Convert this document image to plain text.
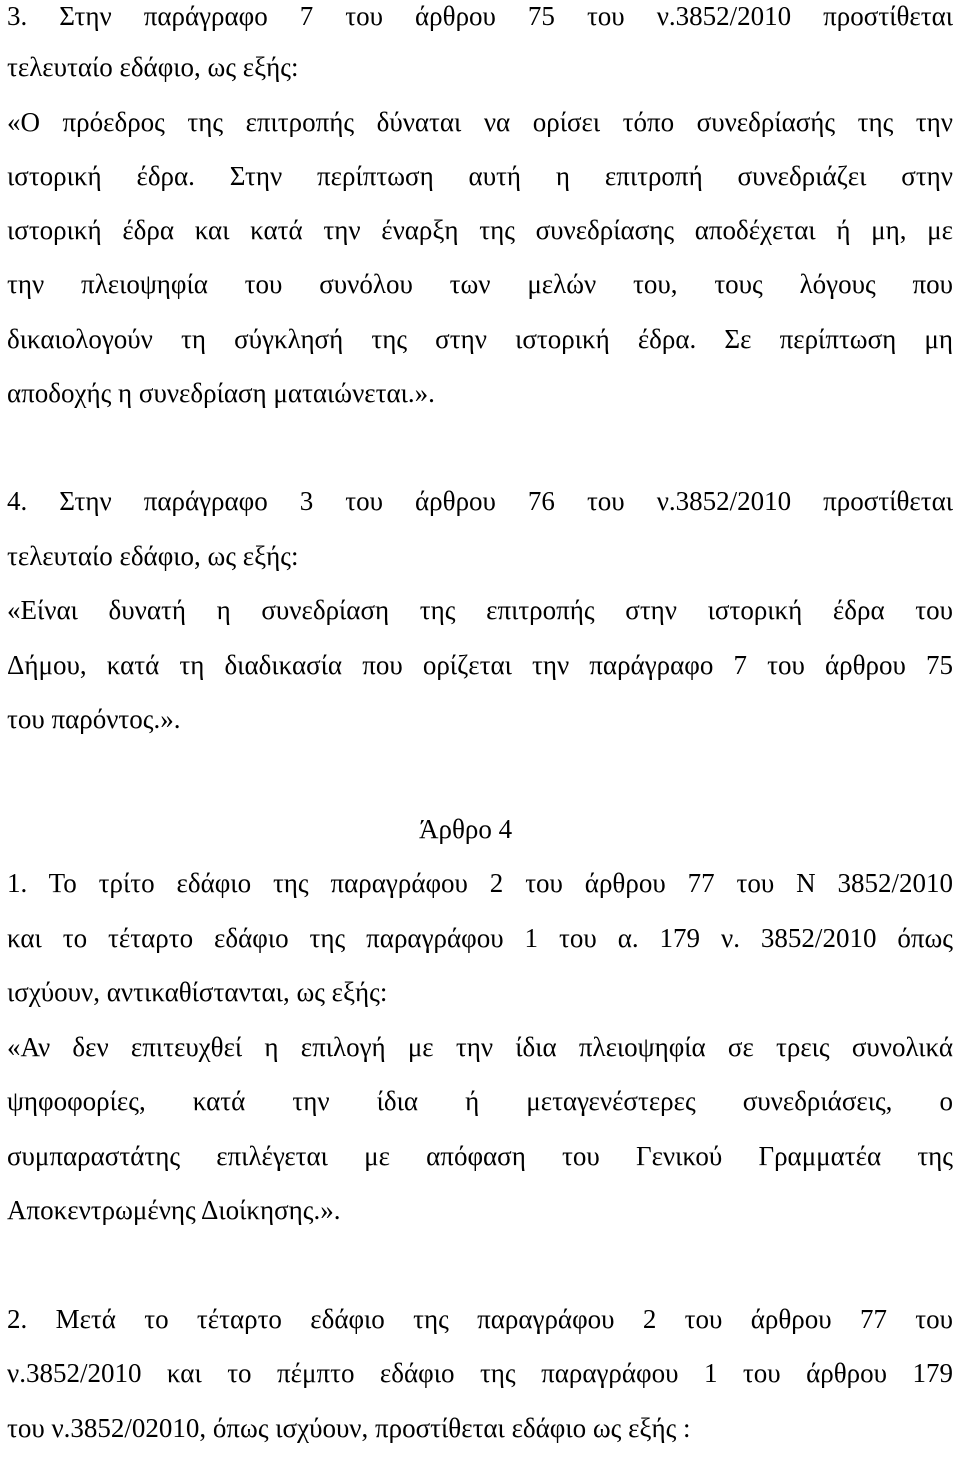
3. Στην παράγραφο 7 του άρθρου 75 του ν.3852/2010 προστίθεται
τελευταίο εδάφιο, ως εξής:
«Ο πρόεδρος της επιτροπής δύναται να ορίσει τόπο συνεδρίασής της την
ιστορική έδρα. Στην περίπτωση αυτή η επιτροπή συνεδριάζει στην
ιστορική έδρα και κατά την έναρξη της συνεδρίασης αποδέχεται ή μη, με
την πλειοψηφία του συνόλου των μελών του, τους λόγους που
δικαιολογούν τη σύγκλησή της στην ιστορική έδρα. Σε περίπτωση μη
αποδοχής η συνεδρίαση ματαιώνεται.».
4. Στην παράγραφο 3 του άρθρου 76 του ν.3852/2010 προστίθεται
τελευταίο εδάφιο, ως εξής:
«Είναι δυνατή η συνεδρίαση της επιτροπής στην ιστορική έδρα του
Δήμου, κατά τη διαδικασία που ορίζεται την παράγραφο 7 του άρθρου 75
του παρόντος.».
Άρθρο 4
1. Το τρίτο εδάφιο της παραγράφου 2 του άρθρου 77 του Ν 3852/2010
και το τέταρτο εδάφιο της παραγράφου 1 του α. 179 ν. 3852/2010 όπως
ισχύουν, αντικαθίστανται, ως εξής:
«Αν δεν επιτευχθεί η επιλογή με την ίδια πλειοψηφία σε τρεις συνολικά
ψηφοφορίες, κατά την ίδια ή μεταγενέστερες συνεδριάσεις, ο
συμπαραστάτης επιλέγεται με απόφαση του Γενικού Γραμματέα της
Αποκεντρωμένης Διοίκησης.».
2. Μετά το τέταρτο εδάφιο της παραγράφου 2 του άρθρου 77 του
ν.3852/2010 και το πέμπτο εδάφιο της παραγράφου 1 του άρθρου 179
του ν.3852/02010, όπως ισχύουν, προστίθεται εδάφιο ως εξής :
